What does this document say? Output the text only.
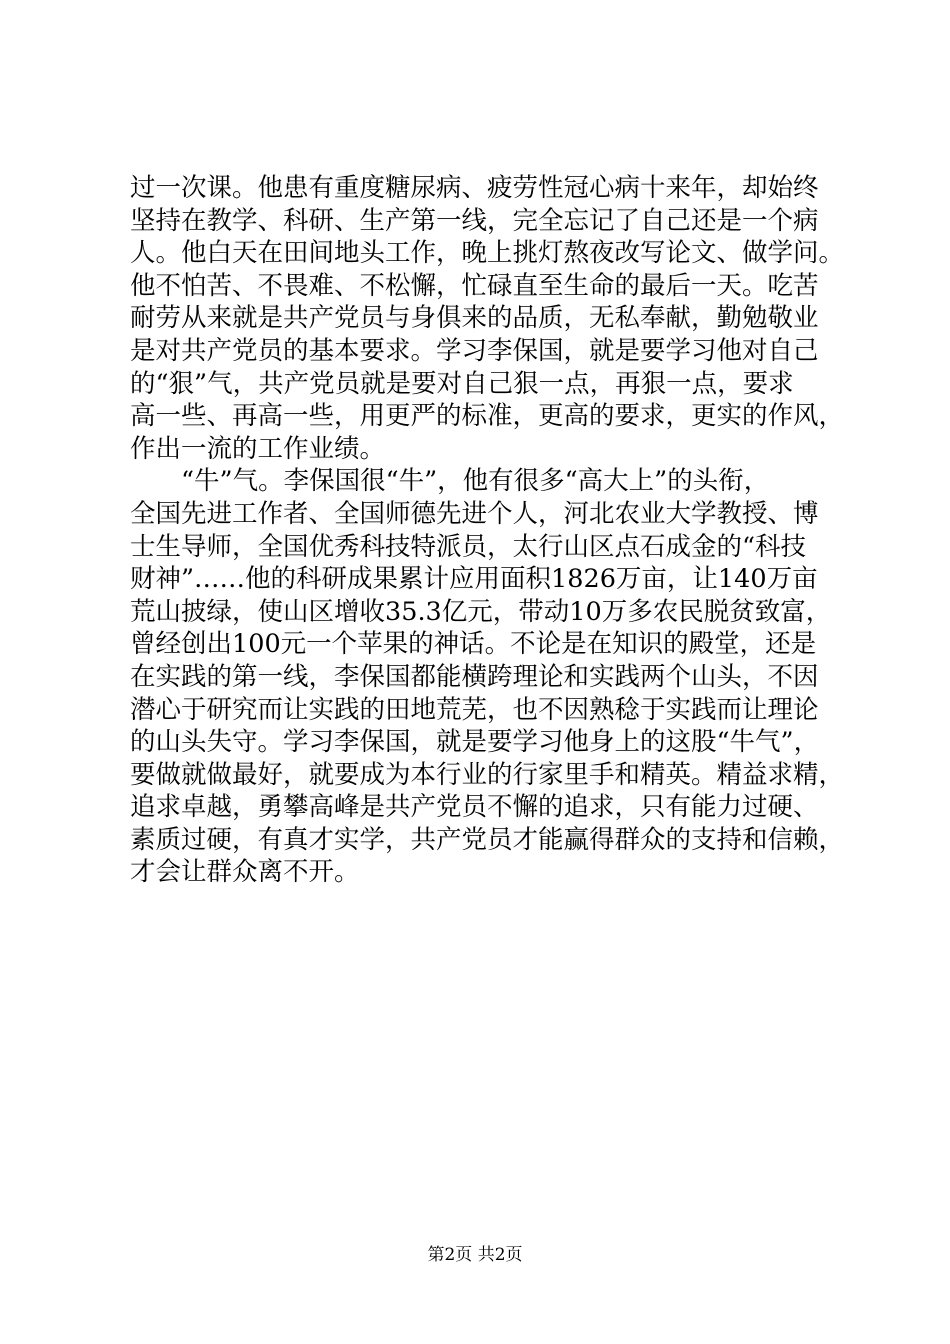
过一次课。他患有重度糖尿病、疲劳性冠心病十来年，却始终
坚持在教学、科研、生产第一线，完全忘记了自己还是一个病
人。他白天在田间地头工作，晚上挑灯熬夜改写论文、做学问。
他不怕苦、不畏难、不松懈，忙碌直至生命的最后一天。吃苦
耐劳从来就是共产党员与身俱来的品质，无私奉献，勤勉敬业
是对共产党员的基本要求。学习李保国，就是要学习他对自己
的“狠”气，共产党员就是要对自己狠一点，再狠一点，要求
高一些、再高一些，用更严的标准，更高的要求，更实的作风，
作出一流的工作业绩。
　　“牛”气。李保国很“牛”，他有很多“高大上”的头衔，
全国先进工作者、全国师德先进个人，河北农业大学教授、博
士生导师，全国优秀科技特派员，太行山区点石成金的“科技
财神”……他的科研成果累计应用面积1826万亩，让140万亩
荒山披绿，使山区增收35.3亿元，带动10万多农民脱贫致富，
曾经创出100元一个苹果的神话。不论是在知识的殿堂，还是
在实践的第一线，李保国都能横跨理论和实践两个山头，不因
潜心于研究而让实践的田地荒芜，也不因熟稔于实践而让理论
的山头失守。学习李保国，就是要学习他身上的这股“牛气”，
要做就做最好，就要成为本行业的行家里手和精英。精益求精，
追求卓越，勇攀高峰是共产党员不懈的追求，只有能力过硬、
素质过硬，有真才实学，共产党员才能赢得群众的支持和信赖，
才会让群众离不开。
第2页 共2页
